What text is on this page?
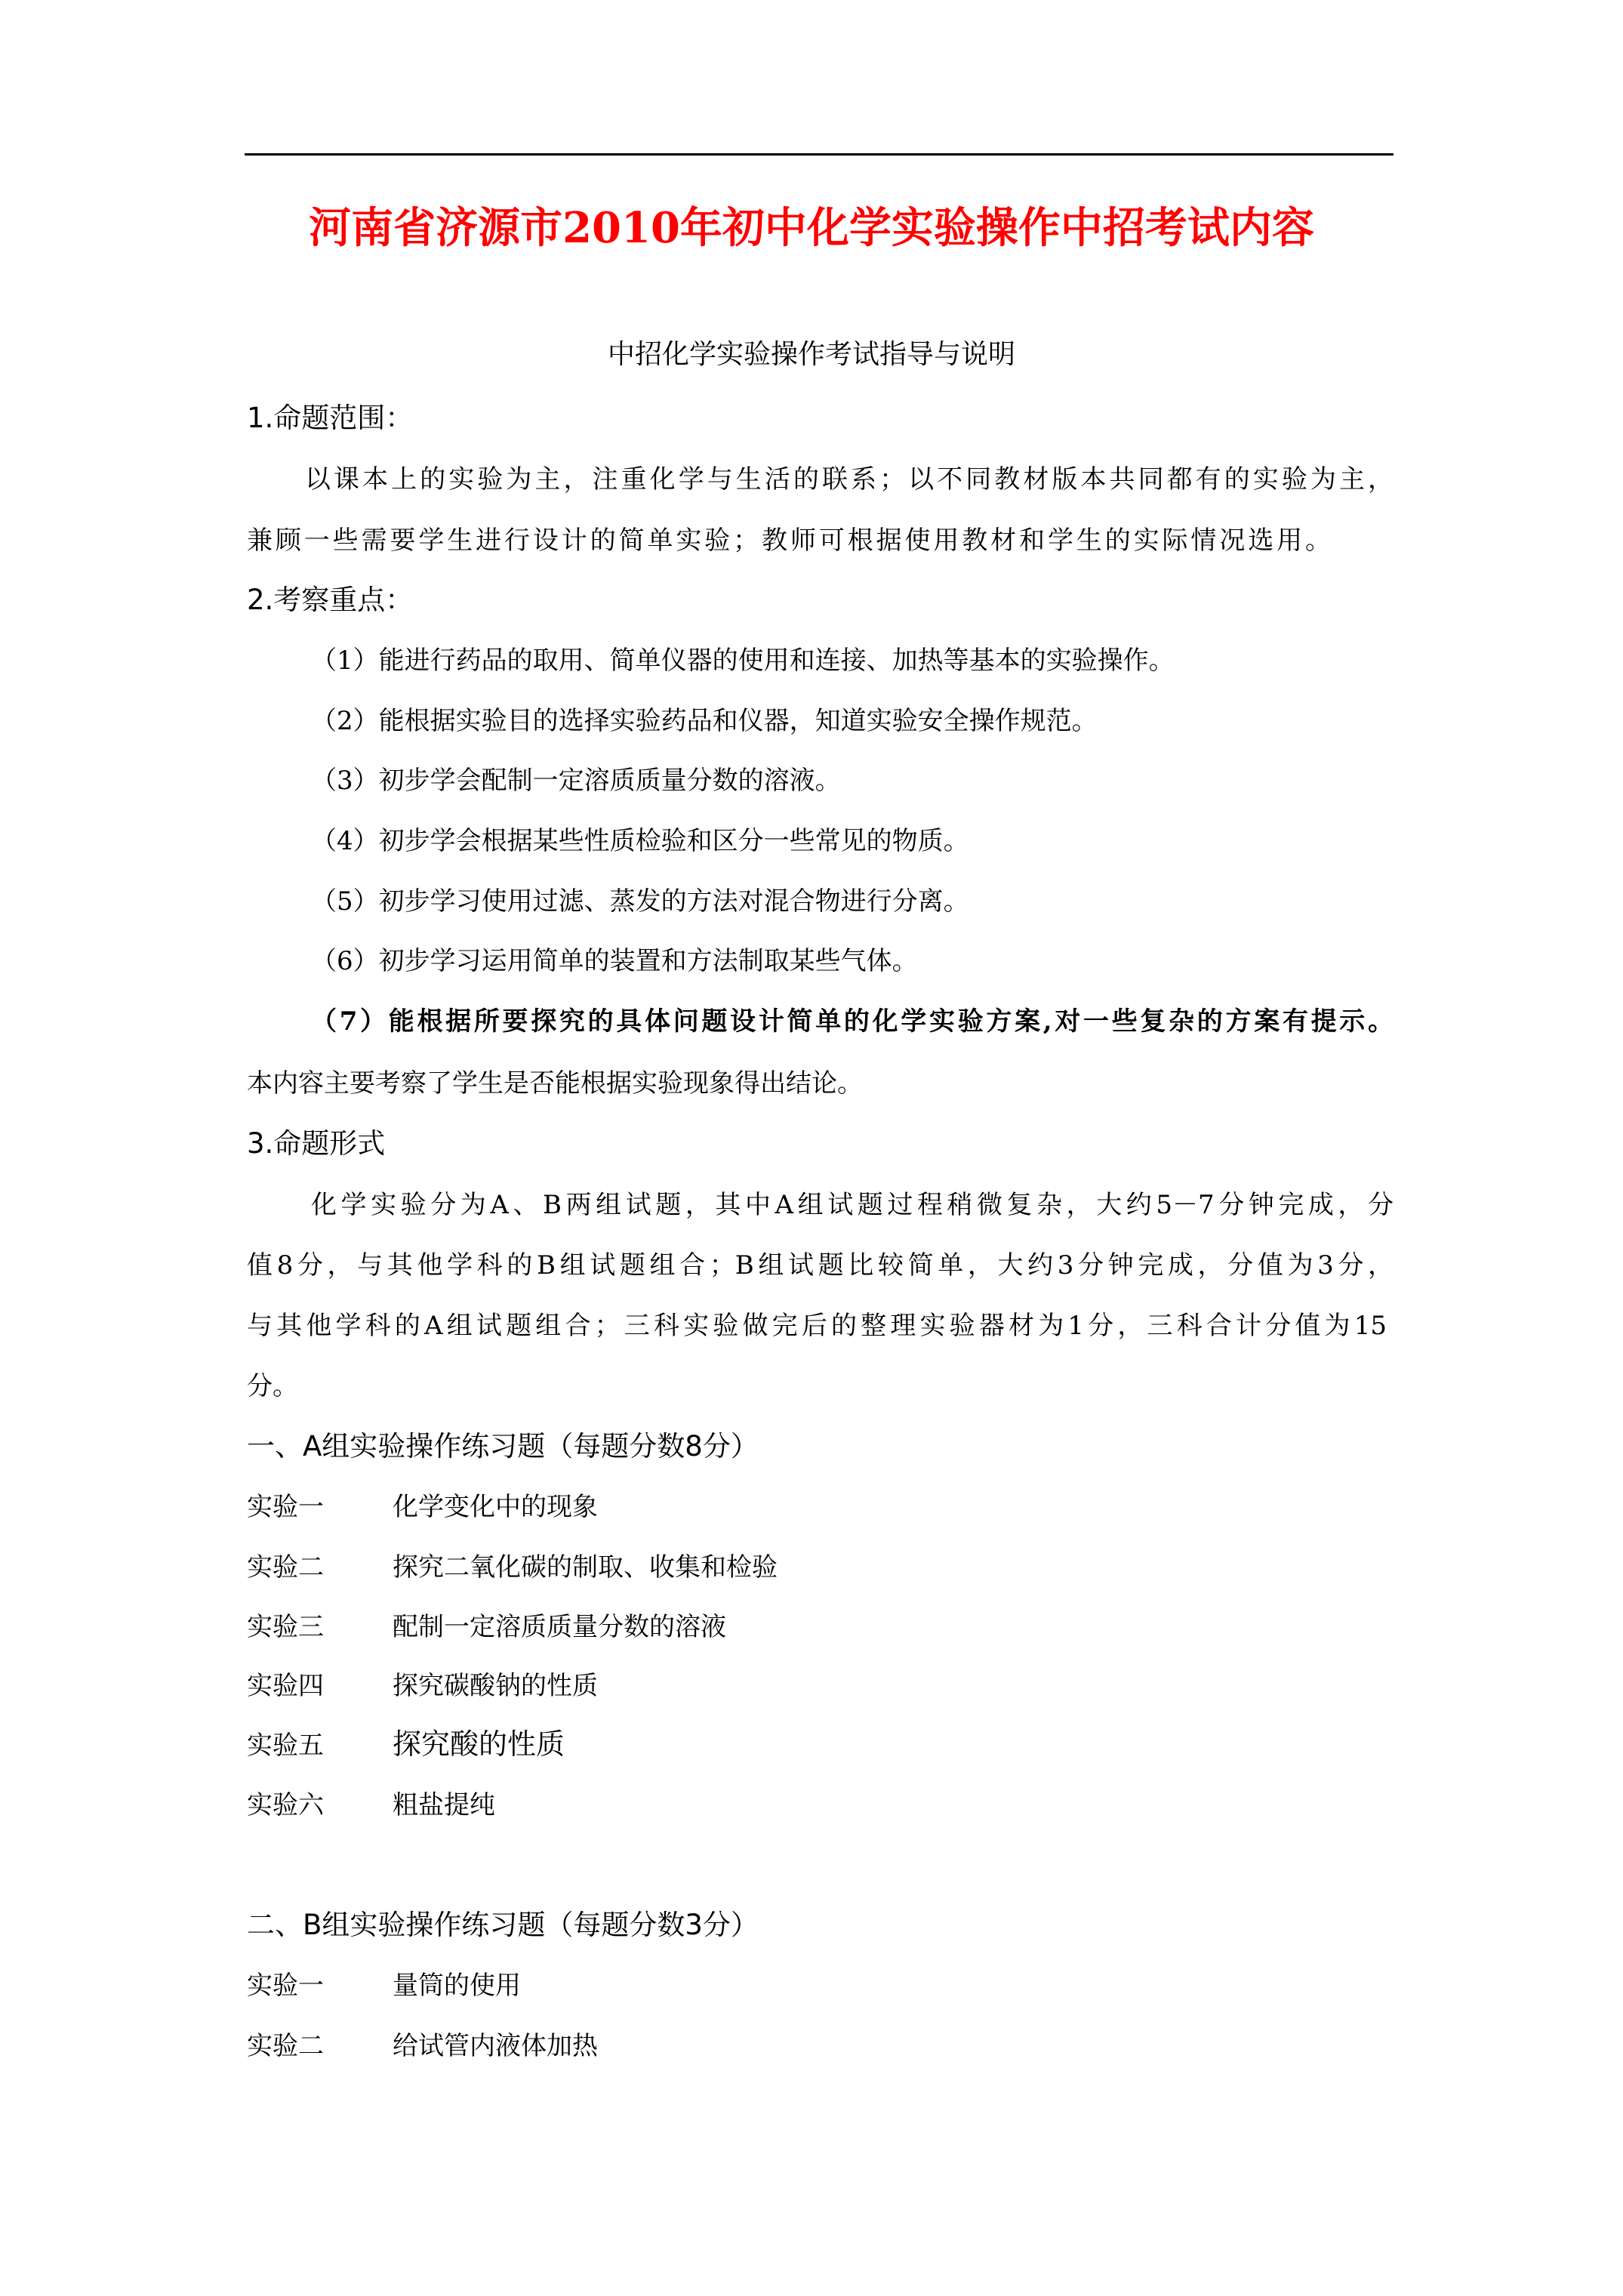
河南省济源市2010年初中化学实验操作中招考试内容
中招化学实验操作考试指导与说明
1.命题范围：
以课本上的实验为主，注重化学与生活的联系；以不同教材版本共同都有的实验为主，
兼顾一些需要学生进行设计的简单实验；教师可根据使用教材和学生的实际情况选用。
2.考察重点：
（1）能进行药品的取用、简单仪器的使用和连接、加热等基本的实验操作。
（2）能根据实验目的选择实验药品和仪器，知道实验安全操作规范。
（3）初步学会配制一定溶质质量分数的溶液。
（4）初步学会根据某些性质检验和区分一些常见的物质。
（5）初步学习使用过滤、蒸发的方法对混合物进行分离。
（6）初步学习运用简单的装置和方法制取某些气体。
（7）能根据所要探究的具体问题设计简单的化学实验方案,对一些复杂的方案有提示。
本内容主要考察了学生是否能根据实验现象得出结论。
3.命题形式
化学实验分为A、B两组试题，其中A组试题过程稍微复杂，大约5－7分钟完成，分
值8分，与其他学科的B组试题组合；B组试题比较简单，大约3分钟完成，分值为3分，
与其他学科的A组试题组合；三科实验做完后的整理实验器材为1分，三科合计分值为15
分。
一、A组实验操作练习题（每题分数8分）
实验一	化学变化中的现象
实验二	探究二氧化碳的制取、收集和检验
实验三	配制一定溶质质量分数的溶液
实验四	探究碳酸钠的性质
实验五 探究酸的性质
实验六	粗盐提纯
二、B组实验操作练习题（每题分数3分）
实验一	量筒的使用
实验二	给试管内液体加热
